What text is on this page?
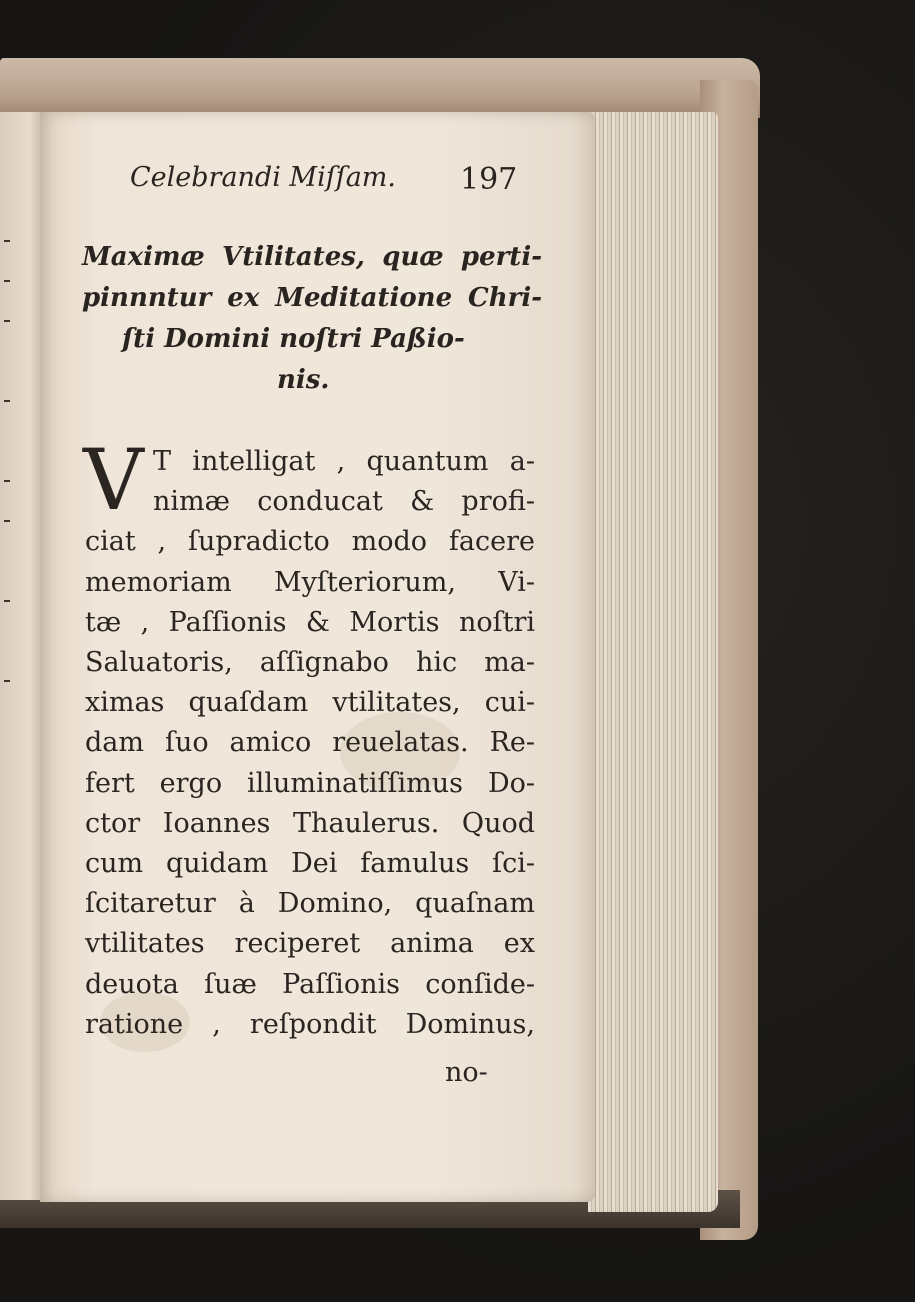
Celebrandi Miſſam. 197
Maximæ Vtilitates, quæ perti-
pinnntur ex Meditatione Chri-
ſti Domini noſtri Paßio-
nis.
V T intelligat , quantum a-
nimæ conducat & profi-
ciat , ſupradicto modo facere
memoriam Myſteriorum, Vi-
tæ , Paſſionis & Mortis noſtri
Saluatoris, aſſignabo hic ma-
ximas quaſdam vtilitates, cui-
dam ſuo amico reuelatas. Re-
fert ergo illuminatiſſimus Do-
ctor Ioannes Thaulerus. Quod
cum quidam Dei famulus ſci-
ſcitaretur à Domino, quaſnam
vtilitates reciperet anima ex
deuota ſuæ Paſſionis conſide-
ratione , reſpondit Dominus,
no-
